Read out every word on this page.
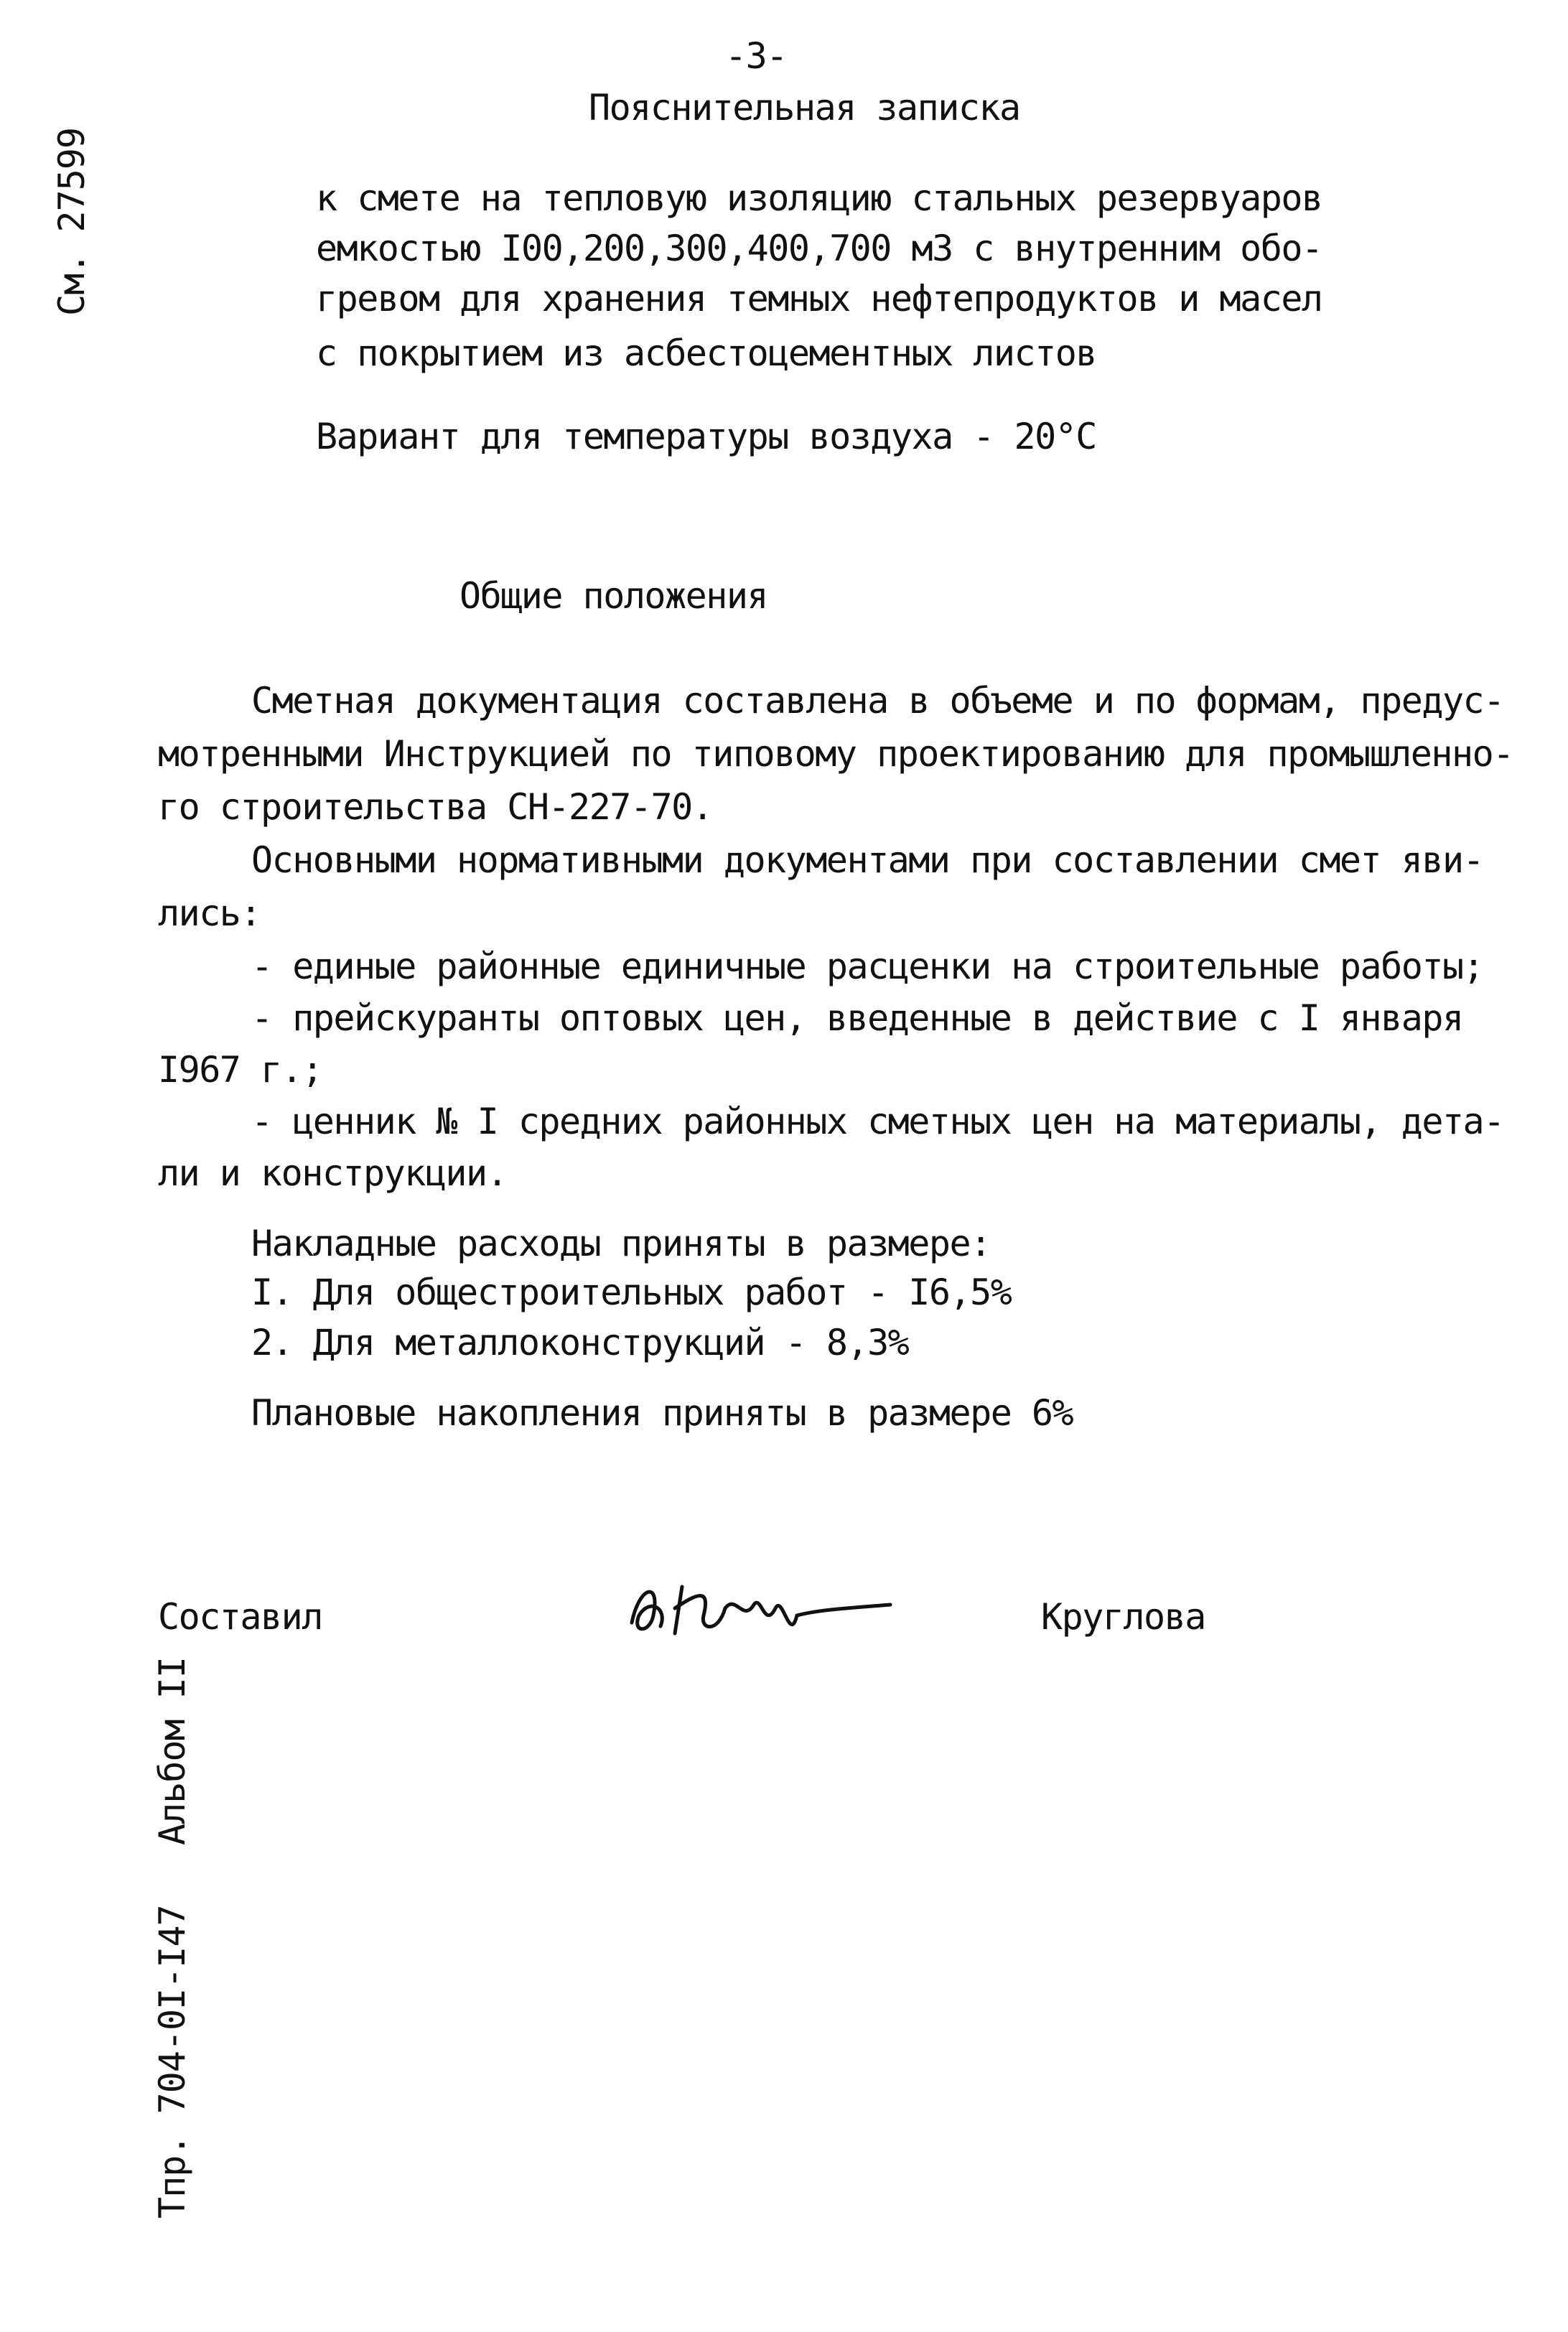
См. 27599
Альбом II
Тпр. 704-0I-I47
-3-
Пояснительная записка
к смете на тепловую изоляцию стальных резервуаров
емкостью I00,200,300,400,700 м3 с внутренним обо-
гревом для хранения темных нефтепродуктов и масел
с покрытием из асбестоцементных листов
Вариант для температуры воздуха - 20°С
Общие положения
Сметная документация составлена в объеме и по формам, предус-
мотренными Инструкцией по типовому проектированию для промышленно-
го строительства СН-227-70.
Основными нормативными документами при составлении смет яви-
лись:
- единые районные единичные расценки на строительные работы;
- прейскуранты оптовых цен, введенные в действие с I января
I967 г.;
- ценник № I средних районных сметных цен на материалы, дета-
ли и конструкции.
Накладные расходы приняты в размере:
I. Для общестроительных работ - I6,5%
2. Для металлоконструкций - 8,3%
Плановые накопления приняты в размере 6%
Составил	Круглова
